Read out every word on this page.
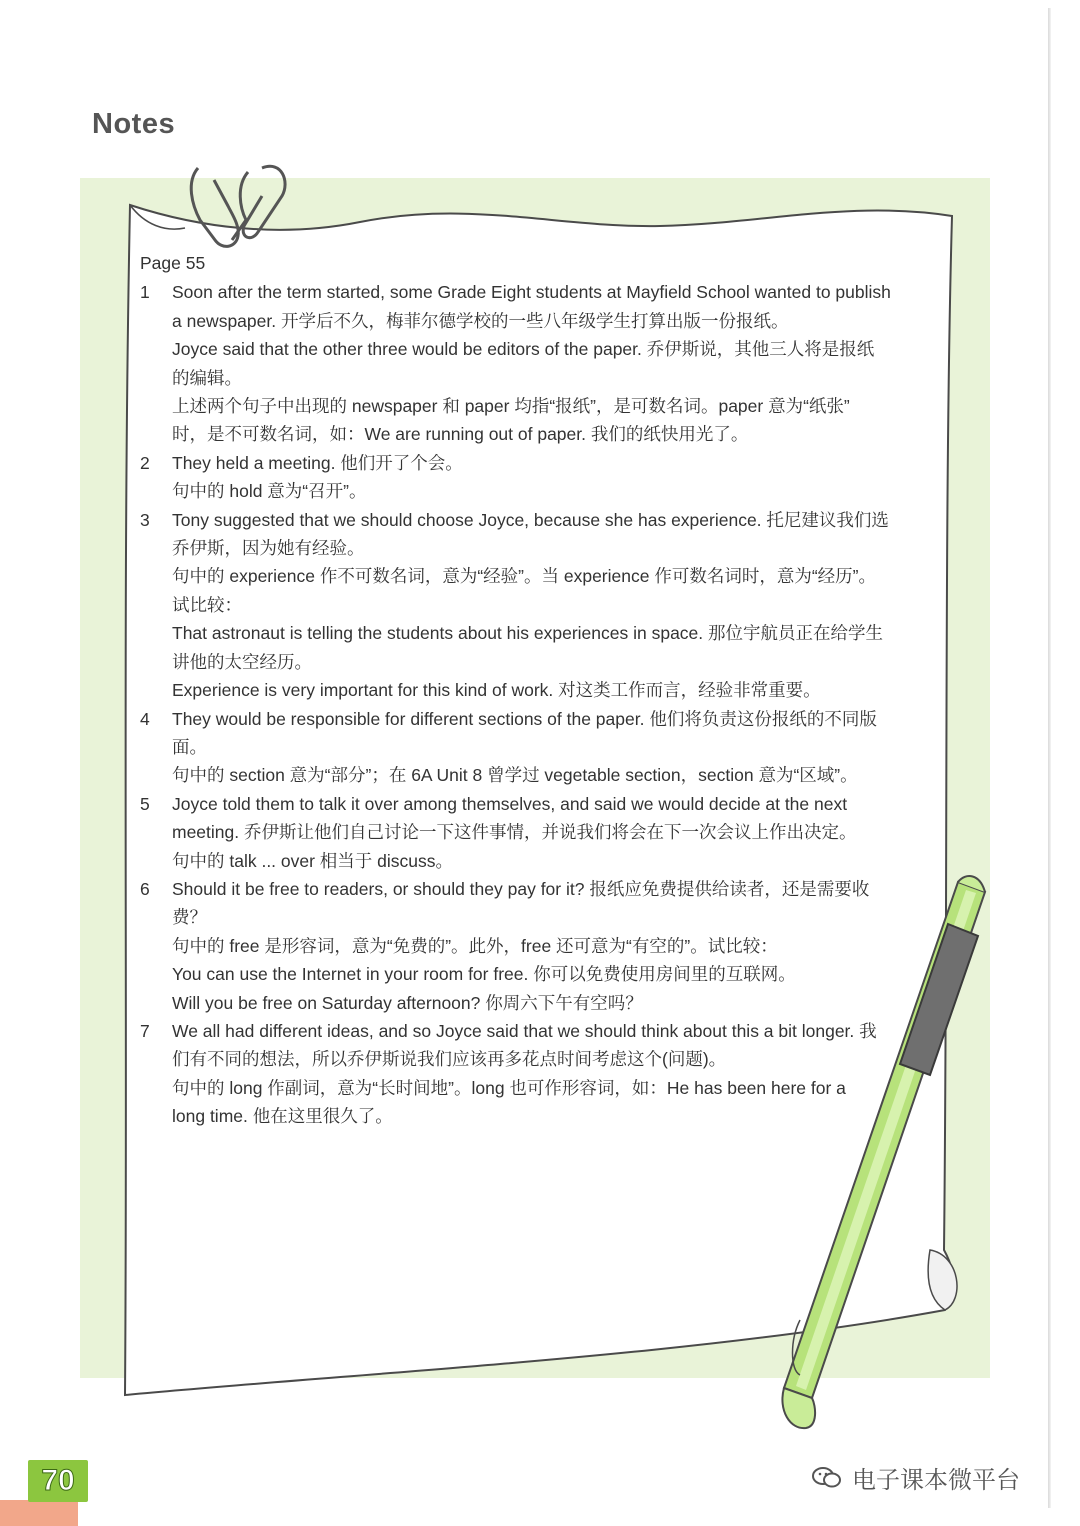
Notes
Page 55
1	Soon after the term started, some Grade Eight students at Mayfield School wanted to publish
a newspaper. 开学后不久，梅菲尔德学校的一些八年级学生打算出版一份报纸。
Joyce said that the other three would be editors of the paper. 乔伊斯说，其他三人将是报纸
的编辑。
上述两个句子中出现的 newspaper 和 paper 均指“报纸”，是可数名词。paper 意为“纸张”
时，是不可数名词，如：We are running out of paper. 我们的纸快用光了。
2	They held a meeting. 他们开了个会。
句中的 hold 意为“召开”。
3	Tony suggested that we should choose Joyce, because she has experience. 托尼建议我们选
乔伊斯，因为她有经验。
句中的 experience 作不可数名词，意为“经验”。当 experience 作可数名词时，意为“经历”。
试比较：
That astronaut is telling the students about his experiences in space. 那位宇航员正在给学生
讲他的太空经历。
Experience is very important for this kind of work. 对这类工作而言，经验非常重要。
4	They would be responsible for different sections of the paper. 他们将负责这份报纸的不同版
面。
句中的 section 意为“部分”；在 6A Unit 8 曾学过 vegetable section，section 意为“区域”。
5	Joyce told them to talk it over among themselves, and said we would decide at the next
meeting. 乔伊斯让他们自己讨论一下这件事情，并说我们将会在下一次会议上作出决定。
句中的 talk ... over 相当于 discuss。
6	Should it be free to readers, or should they pay for it? 报纸应免费提供给读者，还是需要收
费？
句中的 free 是形容词，意为“免费的”。此外，free 还可意为“有空的”。试比较：
You can use the Internet in your room for free. 你可以免费使用房间里的互联网。
Will you be free on Saturday afternoon? 你周六下午有空吗？
7	We all had different ideas, and so Joyce said that we should think about this a bit longer. 我
们有不同的想法，所以乔伊斯说我们应该再多花点时间考虑这个(问题)。
句中的 long 作副词，意为“长时间地”。long 也可作形容词，如：He has been here for a
long time. 他在这里很久了。
70	电子课本微平台
